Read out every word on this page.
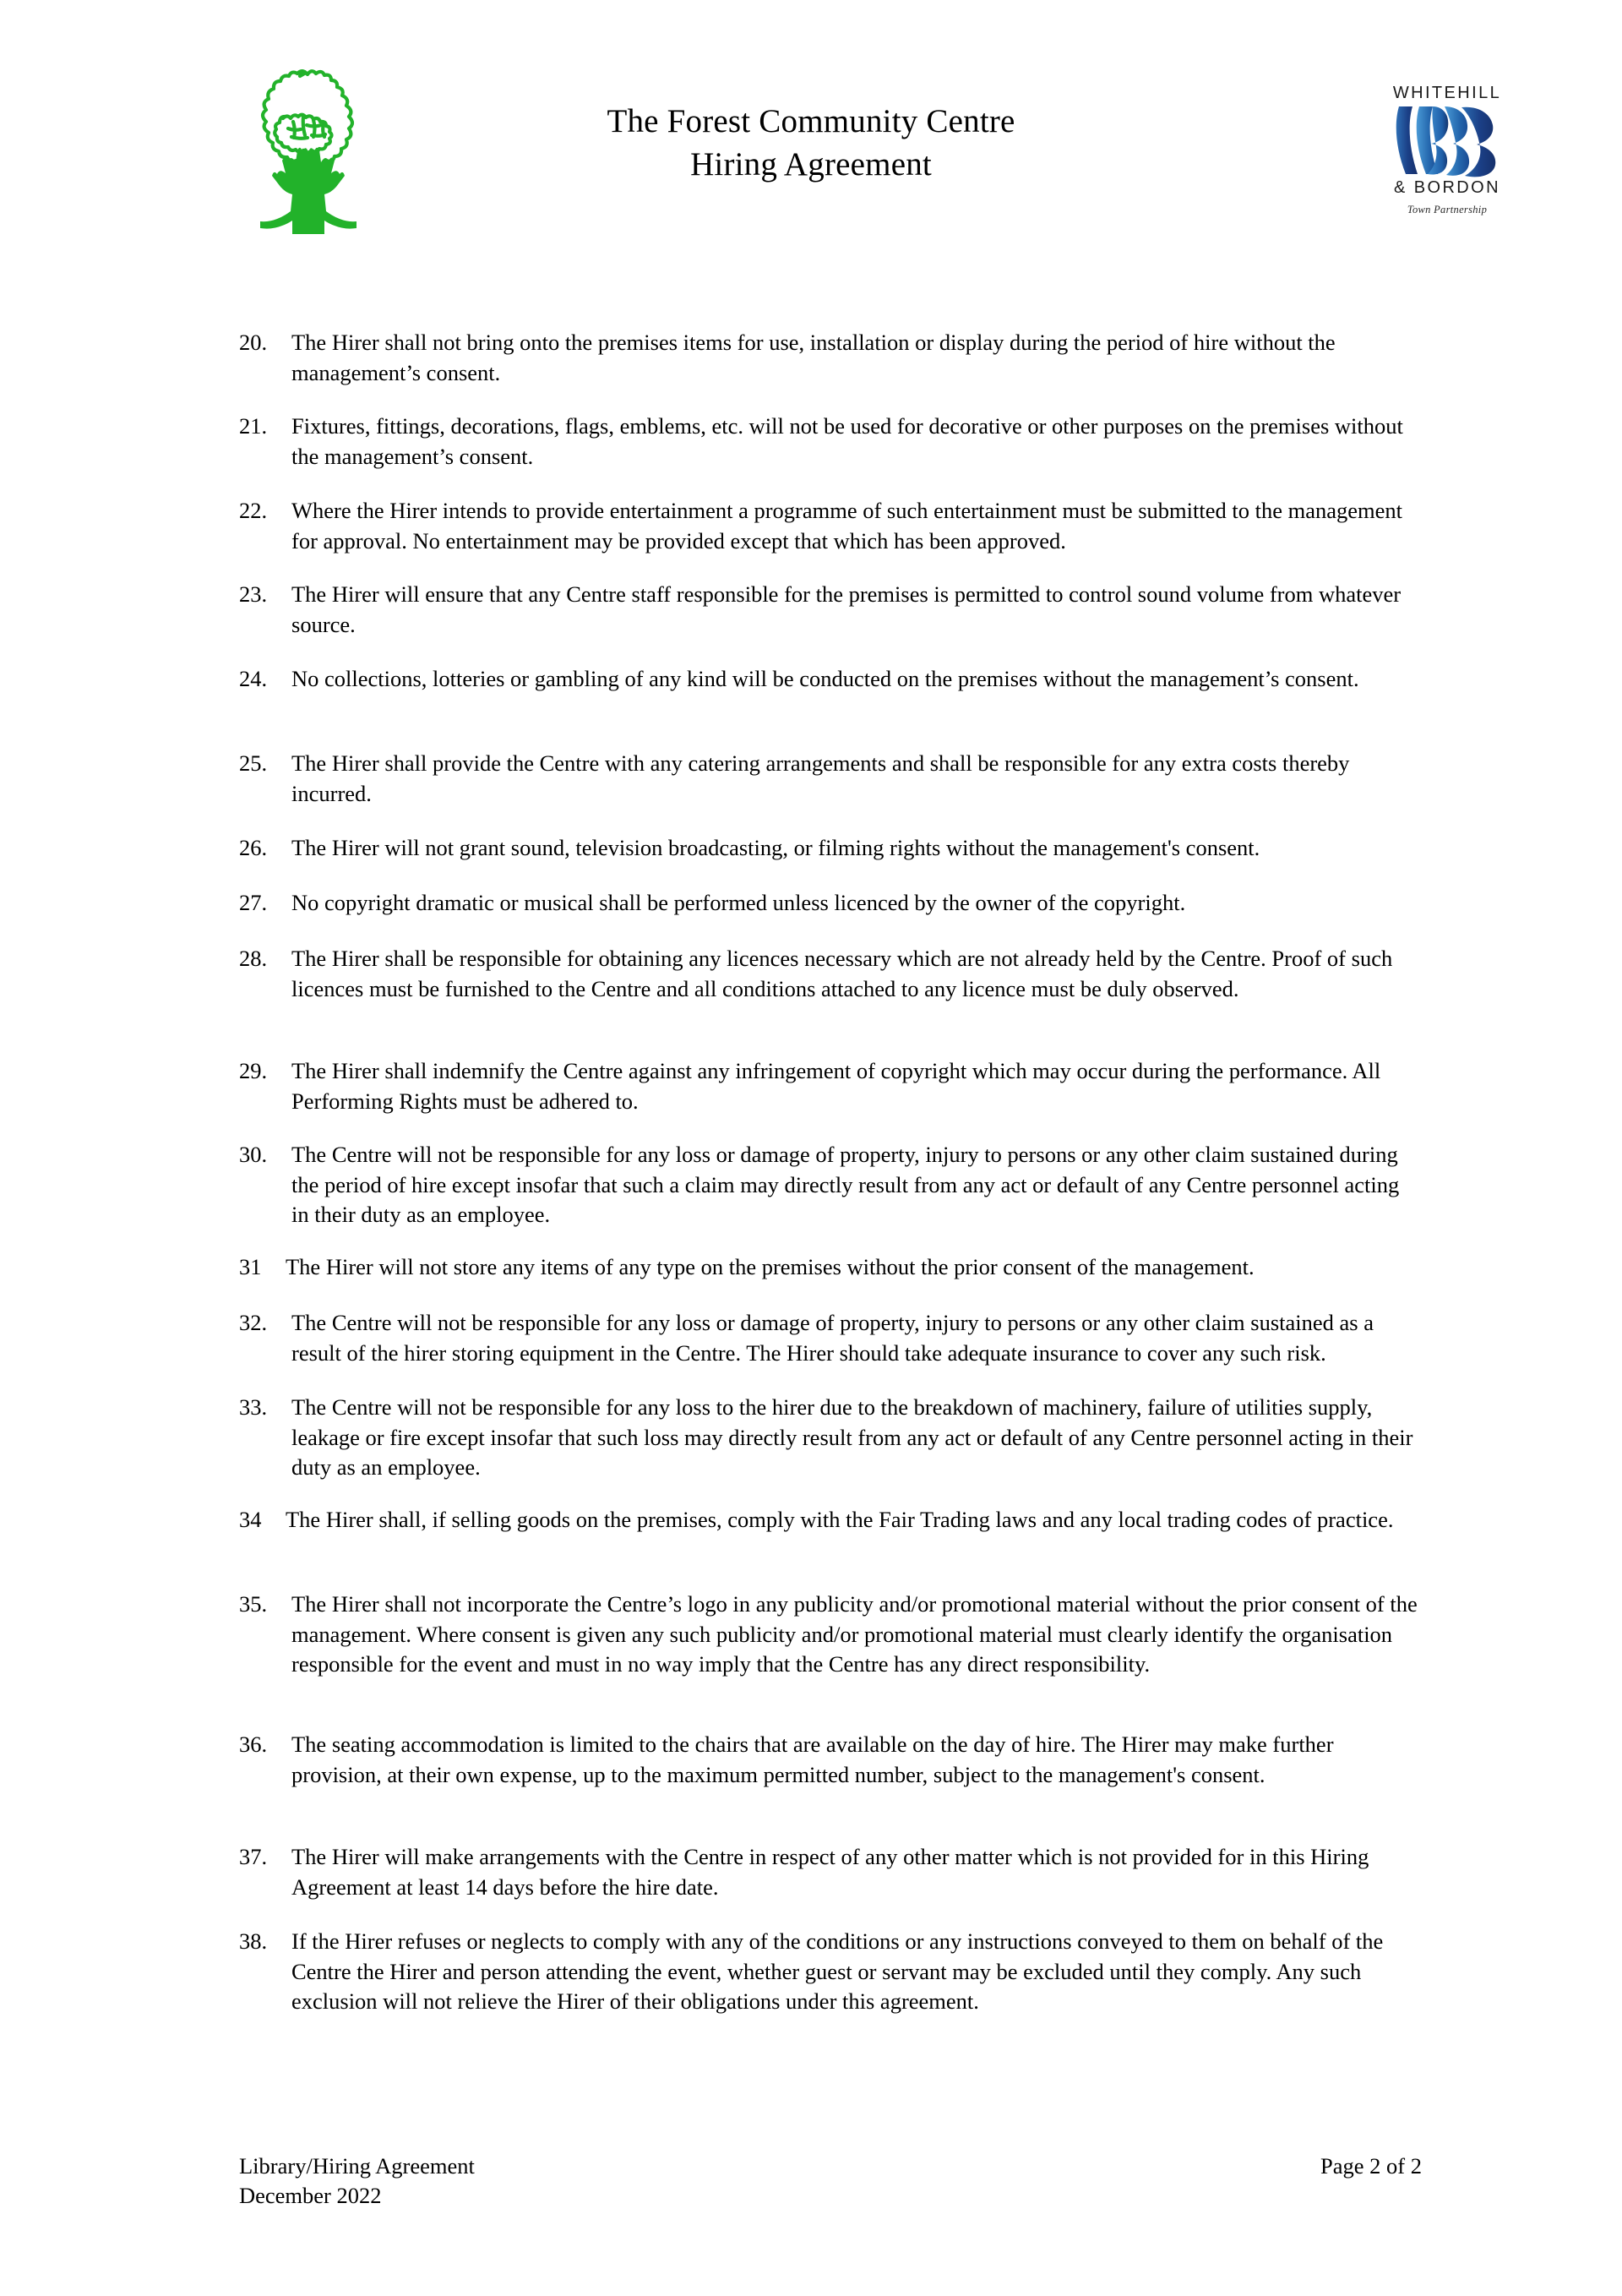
The Forest Community Centre
Hiring Agreement
WHITEHILL
& BORDON
Town Partnership
20.	The Hirer shall not bring onto the premises items for use, installation or display during the period of hire without the management’s consent.
21.	Fixtures, fittings, decorations, flags, emblems, etc. will not be used for decorative or other purposes on the premises without the management’s consent.
22.	Where the Hirer intends to provide entertainment a programme of such entertainment must be submitted to the management for approval. No entertainment may be provided except that which has been approved.
23.	The Hirer will ensure that any Centre staff responsible for the premises is permitted to control sound volume from whatever source.
24.	No collections, lotteries or gambling of any kind will be conducted on the premises without the management’s consent.
25.	The Hirer shall provide the Centre with any catering arrangements and shall be responsible for any extra costs thereby incurred.
26.	The Hirer will not grant sound, television broadcasting, or filming rights without the management's consent.
27.	No copyright dramatic or musical shall be performed unless licenced by the owner of the copyright.
28.	The Hirer shall be responsible for obtaining any licences necessary which are not already held by the Centre. Proof of such licences must be furnished to the Centre and all conditions attached to any licence must be duly observed.
29.	The Hirer shall indemnify the Centre against any infringement of copyright which may occur during the performance. All Performing Rights must be adhered to.
30.	The Centre will not be responsible for any loss or damage of property, injury to persons or any other claim sustained during the period of hire except insofar that such a claim may directly result from any act or default of any Centre personnel acting in their duty as an employee.
31	The Hirer will not store any items of any type on the premises without the prior consent of the management.
32.	The Centre will not be responsible for any loss or damage of property, injury to persons or any other claim sustained as a result of the hirer storing equipment in the Centre. The Hirer should take adequate insurance to cover any such risk.
33.	The Centre will not be responsible for any loss to the hirer due to the breakdown of machinery, failure of utilities supply, leakage or fire except insofar that such loss may directly result from any act or default of any Centre personnel acting in their duty as an employee.
34	The Hirer shall, if selling goods on the premises, comply with the Fair Trading laws and any local trading codes of practice.
35.	The Hirer shall not incorporate the Centre’s logo in any publicity and/or promotional material without the prior consent of the management. Where consent is given any such publicity and/or promotional material must clearly identify the organisation responsible for the event and must in no way imply that the Centre has any direct responsibility.
36.	The seating accommodation is limited to the chairs that are available on the day of hire. The Hirer may make further provision, at their own expense, up to the maximum permitted number, subject to the management's consent.
37.	The Hirer will make arrangements with the Centre in respect of any other matter which is not provided for in this Hiring Agreement at least 14 days before the hire date.
38.	If the Hirer refuses or neglects to comply with any of the conditions or any instructions conveyed to them on behalf of the Centre the Hirer and person attending the event, whether guest or servant may be excluded until they comply. Any such exclusion will not relieve the Hirer of their obligations under this agreement.
Library/Hiring Agreement	Page 2 of 2
December 2022
